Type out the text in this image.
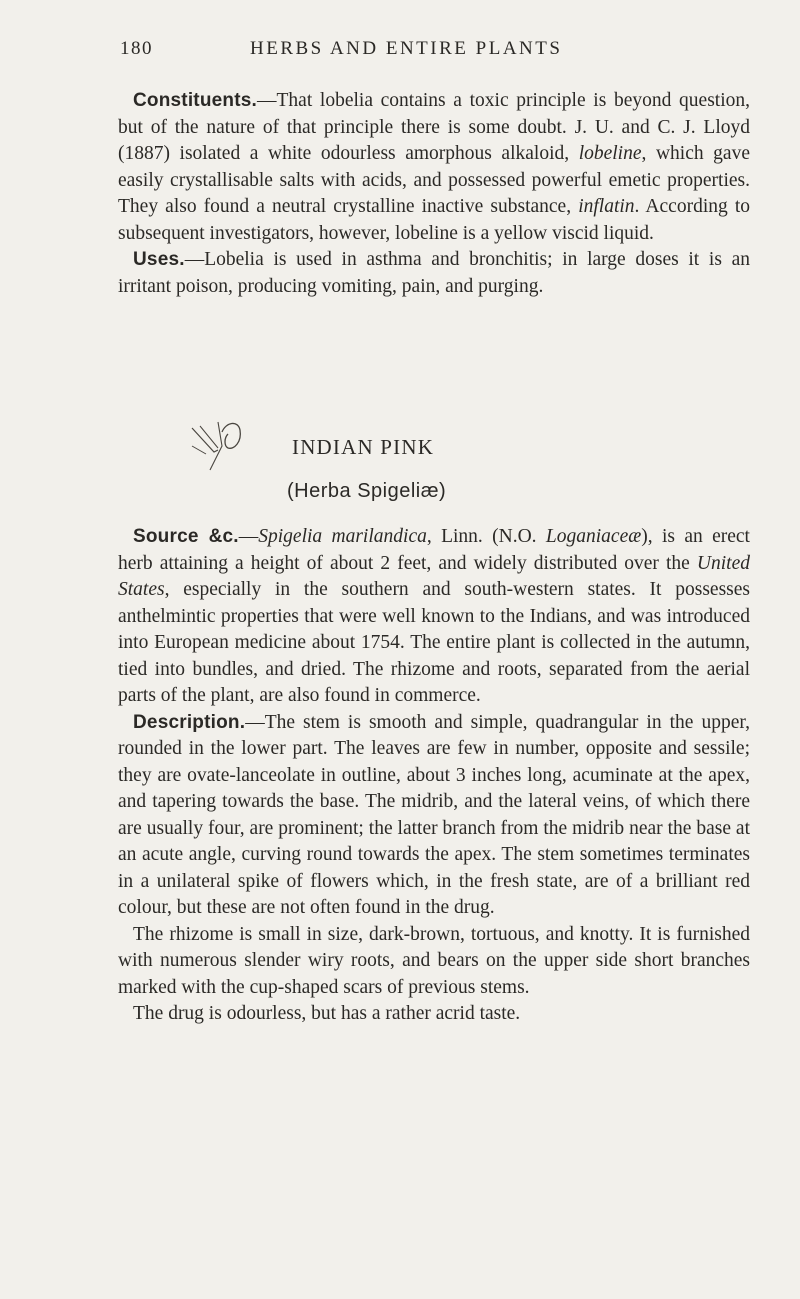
180	HERBS AND ENTIRE PLANTS

Constituents.—That lobelia contains a toxic principle is beyond question, but of the nature of that principle there is some doubt. J. U. and C. J. Lloyd (1887) isolated a white odourless amorphous alkaloid, lobeline, which gave easily crystallisable salts with acids, and possessed powerful emetic properties. They also found a neutral crystalline inactive substance, inflatin. According to subsequent investigators, however, lobeline is a yellow viscid liquid.

Uses.—Lobelia is used in asthma and bronchitis; in large doses it is an irritant poison, producing vomiting, pain, and purging.

INDIAN PINK
(Herba Spigeliæ)

Source &c.—Spigelia marilandica, Linn. (N.O. Loganiaceæ), is an erect herb attaining a height of about 2 feet, and widely distributed over the United States, especially in the southern and south-western states. It possesses anthelmintic properties that were well known to the Indians, and was introduced into European medicine about 1754. The entire plant is collected in the autumn, tied into bundles, and dried. The rhizome and roots, separated from the aerial parts of the plant, are also found in commerce.

Description.—The stem is smooth and simple, quadrangular in the upper, rounded in the lower part. The leaves are few in number, opposite and sessile; they are ovate-lanceolate in outline, about 3 inches long, acuminate at the apex, and tapering towards the base. The midrib, and the lateral veins, of which there are usually four, are prominent; the latter branch from the midrib near the base at an acute angle, curving round towards the apex. The stem sometimes terminates in a unilateral spike of flowers which, in the fresh state, are of a brilliant red colour, but these are not often found in the drug.

The rhizome is small in size, dark-brown, tortuous, and knotty. It is furnished with numerous slender wiry roots, and bears on the upper side short branches marked with the cup-shaped scars of previous stems.

The drug is odourless, but has a rather acrid taste.
